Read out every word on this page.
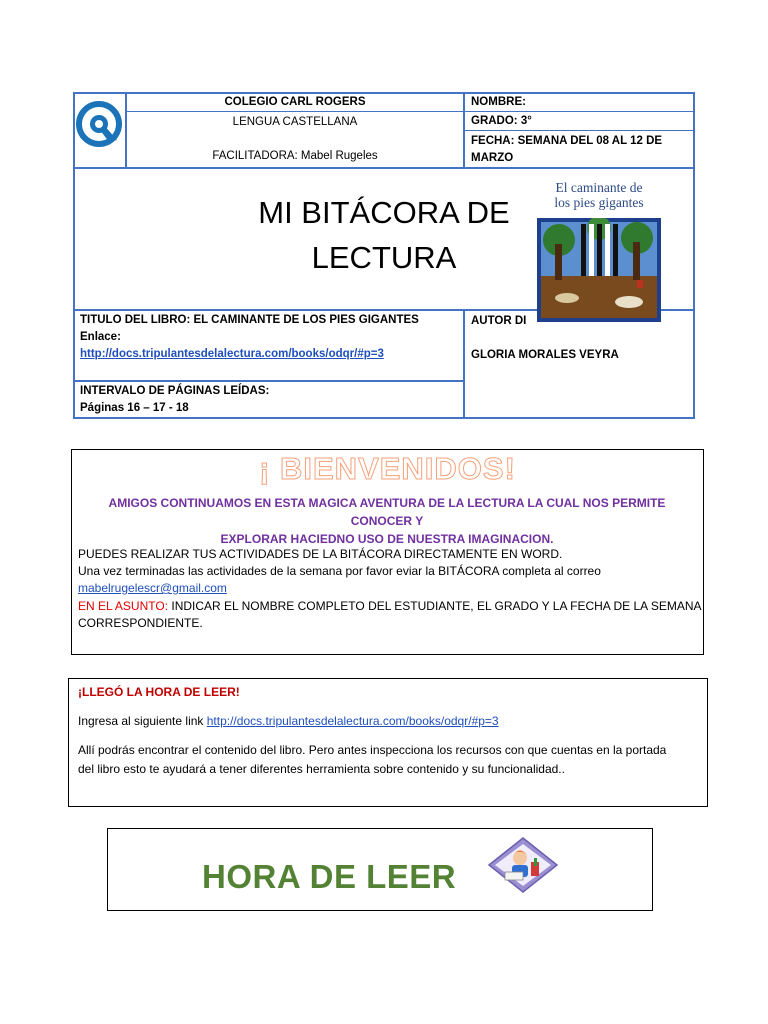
COLEGIO CARL ROGERS
LENGUA CASTELLANA
FACILITADORA: Mabel Rugeles
NOMBRE:
GRADO: 3°
FECHA: SEMANA DEL 08 AL 12 DE
MARZO
MI BITÁCORA DE
LECTURA
El caminante de
los pies gigantes
TITULO DEL LIBRO: EL CAMINANTE DE LOS PIES GIGANTES
Enlace:
http://docs.tripulantesdelalectura.com/books/odqr/#p=3
AUTOR DI
GLORIA MORALES VEYRA
INTERVALO DE PÁGINAS LEÍDAS:
Páginas 16 – 17 - 18
¡ BIENVENIDOS!
AMIGOS CONTINUAMOS EN ESTA MAGICA AVENTURA DE LA LECTURA LA CUAL NOS PERMITE CONOCER Y
EXPLORAR HACIEDNO USO DE NUESTRA IMAGINACION.
PUEDES REALIZAR TUS ACTIVIDADES DE LA BITÁCORA DIRECTAMENTE EN WORD.
Una vez terminadas las actividades de la semana por favor eviar la BITÁCORA completa al correo
mabelrugelescr@gmail.com
EN EL ASUNTO: INDICAR EL NOMBRE COMPLETO DEL ESTUDIANTE, EL GRADO Y LA FECHA DE LA SEMANA
CORRESPONDIENTE.
¡LLEGÓ LA HORA DE LEER!
Ingresa al siguiente link http://docs.tripulantesdelalectura.com/books/odqr/#p=3
Allí podrás encontrar el contenido del libro. Pero antes inspecciona los recursos con que cuentas en la portada
del libro esto te ayudará a tener diferentes herramienta sobre contenido y su funcionalidad..
HORA DE LEER
